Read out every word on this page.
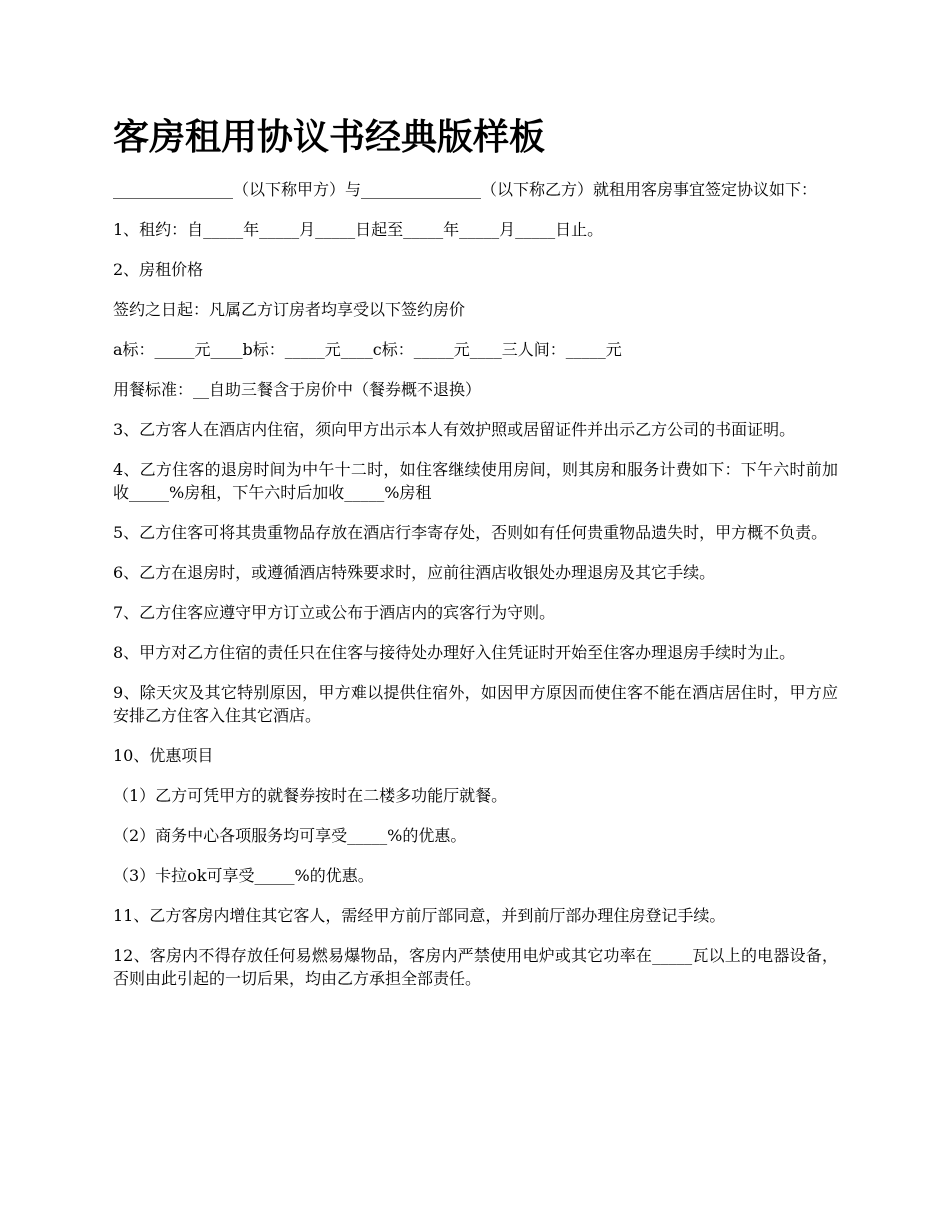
客房租用协议书经典版样板

_______________（以下称甲方）与_______________（以下称乙方）就租用客房事宜签定协议如下：

1、租约：自_____年_____月_____日起至_____年_____月_____日止。

2、房租价格

签约之日起：凡属乙方订房者均享受以下签约房价

a标：_____元____b标：_____元____c标：_____元____三人间：_____元

用餐标准：__自助三餐含于房价中（餐券概不退换）

3、乙方客人在酒店内住宿，须向甲方出示本人有效护照或居留证件并出示乙方公司的书面证明。

4、乙方住客的退房时间为中午十二时，如住客继续使用房间，则其房和服务计费如下：下午六时前加收_____%房租，下午六时后加收_____%房租

5、乙方住客可将其贵重物品存放在酒店行李寄存处，否则如有任何贵重物品遗失时，甲方概不负责。

6、乙方在退房时，或遵循酒店特殊要求时，应前往酒店收银处办理退房及其它手续。

7、乙方住客应遵守甲方订立或公布于酒店内的宾客行为守则。

8、甲方对乙方住宿的责任只在住客与接待处办理好入住凭证时开始至住客办理退房手续时为止。

9、除天灾及其它特别原因，甲方难以提供住宿外，如因甲方原因而使住客不能在酒店居住时，甲方应安排乙方住客入住其它酒店。

10、优惠项目

（1）乙方可凭甲方的就餐券按时在二楼多功能厅就餐。

（2）商务中心各项服务均可享受_____%的优惠。

（3）卡拉ok可享受_____%的优惠。

11、乙方客房内增住其它客人，需经甲方前厅部同意，并到前厅部办理住房登记手续。

12、客房内不得存放任何易燃易爆物品，客房内严禁使用电炉或其它功率在_____瓦以上的电器设备，否则由此引起的一切后果，均由乙方承担全部责任。
